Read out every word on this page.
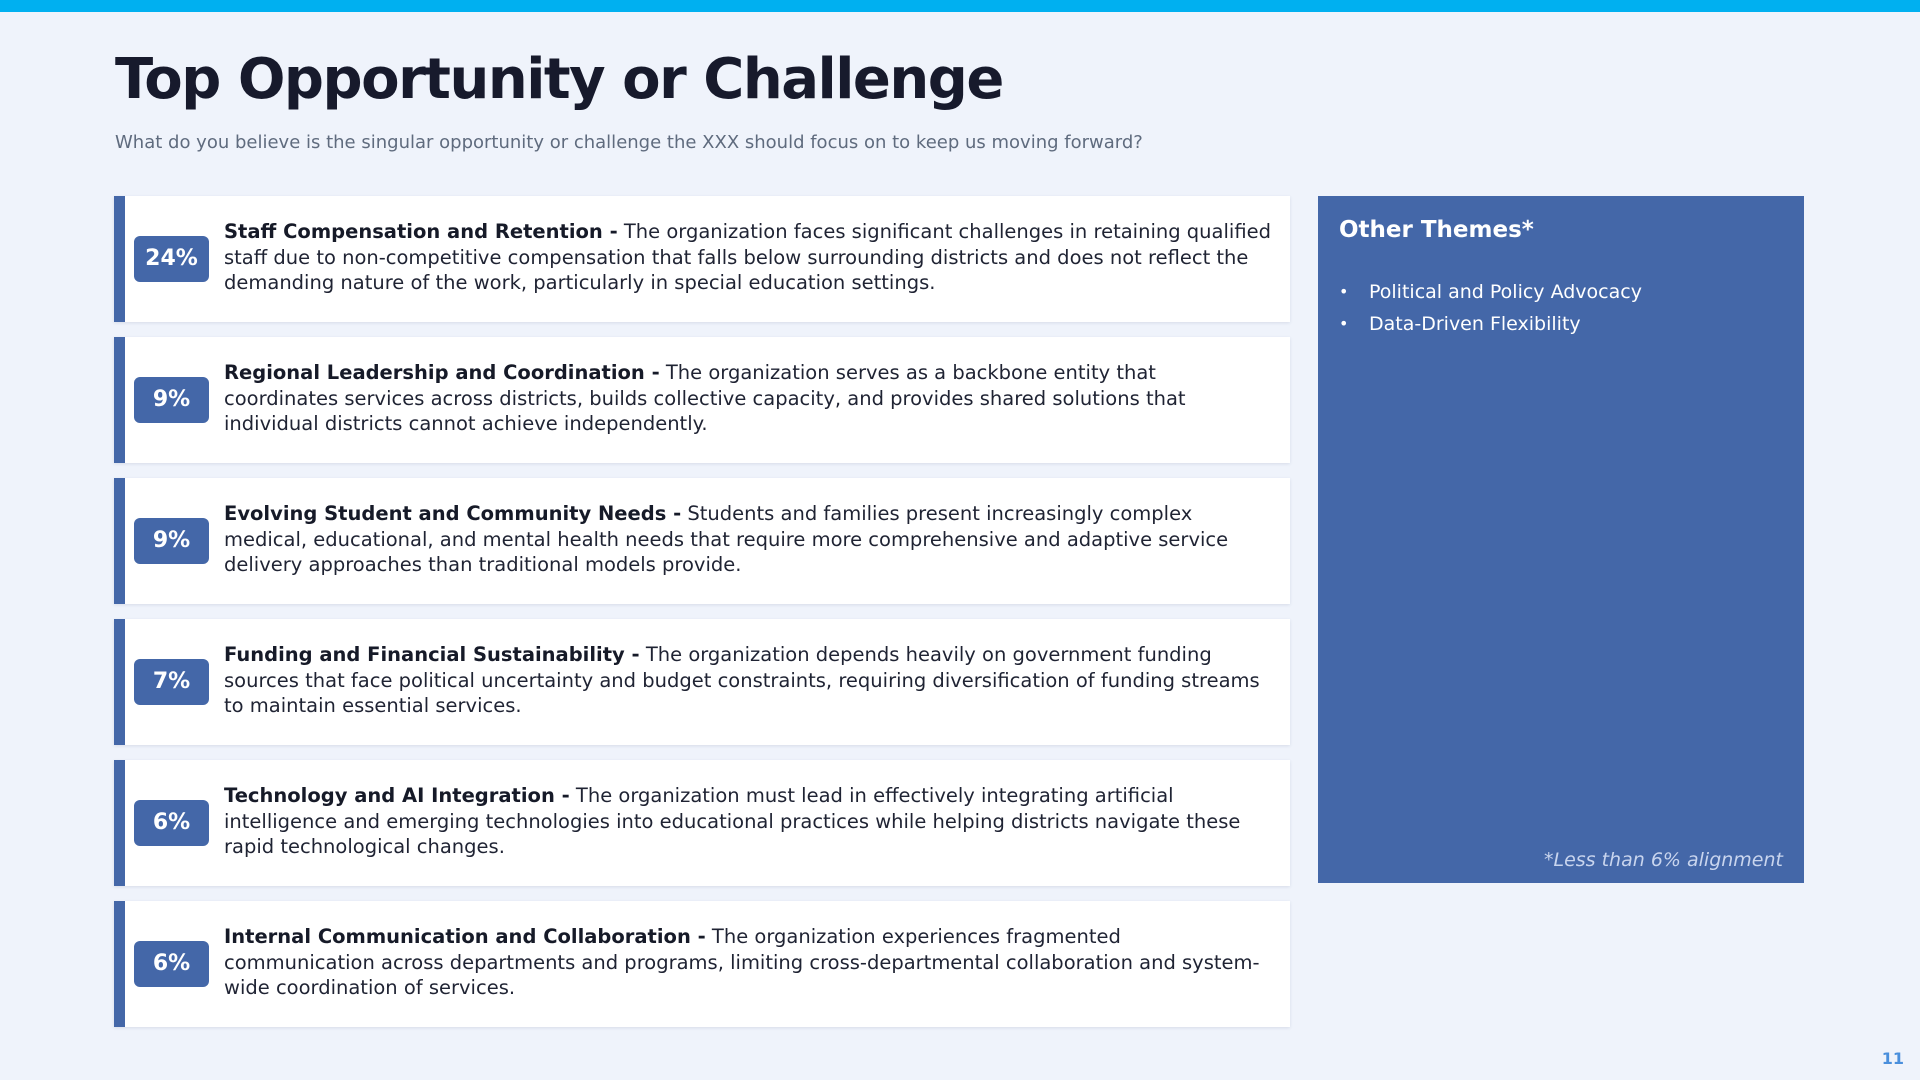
Top Opportunity or Challenge
What do you believe is the singular opportunity or challenge the XXX should focus on to keep us moving forward?
24%
Staff Compensation and Retention - The organization faces significant challenges in retaining qualified staff due to non-competitive compensation that falls below surrounding districts and does not reflect the demanding nature of the work, particularly in special education settings.
9%
Regional Leadership and Coordination - The organization serves as a backbone entity that coordinates services across districts, builds collective capacity, and provides shared solutions that individual districts cannot achieve independently.
9%
Evolving Student and Community Needs - Students and families present increasingly complex medical, educational, and mental health needs that require more comprehensive and adaptive service delivery approaches than traditional models provide.
7%
Funding and Financial Sustainability - The organization depends heavily on government funding sources that face political uncertainty and budget constraints, requiring diversification of funding streams to maintain essential services.
6%
Technology and AI Integration - The organization must lead in effectively integrating artificial intelligence and emerging technologies into educational practices while helping districts navigate these rapid technological changes.
6%
Internal Communication and Collaboration - The organization experiences fragmented communication across departments and programs, limiting cross-departmental collaboration and system-wide coordination of services.
Other Themes*
• Political and Policy Advocacy
• Data-Driven Flexibility
*Less than 6% alignment
11
